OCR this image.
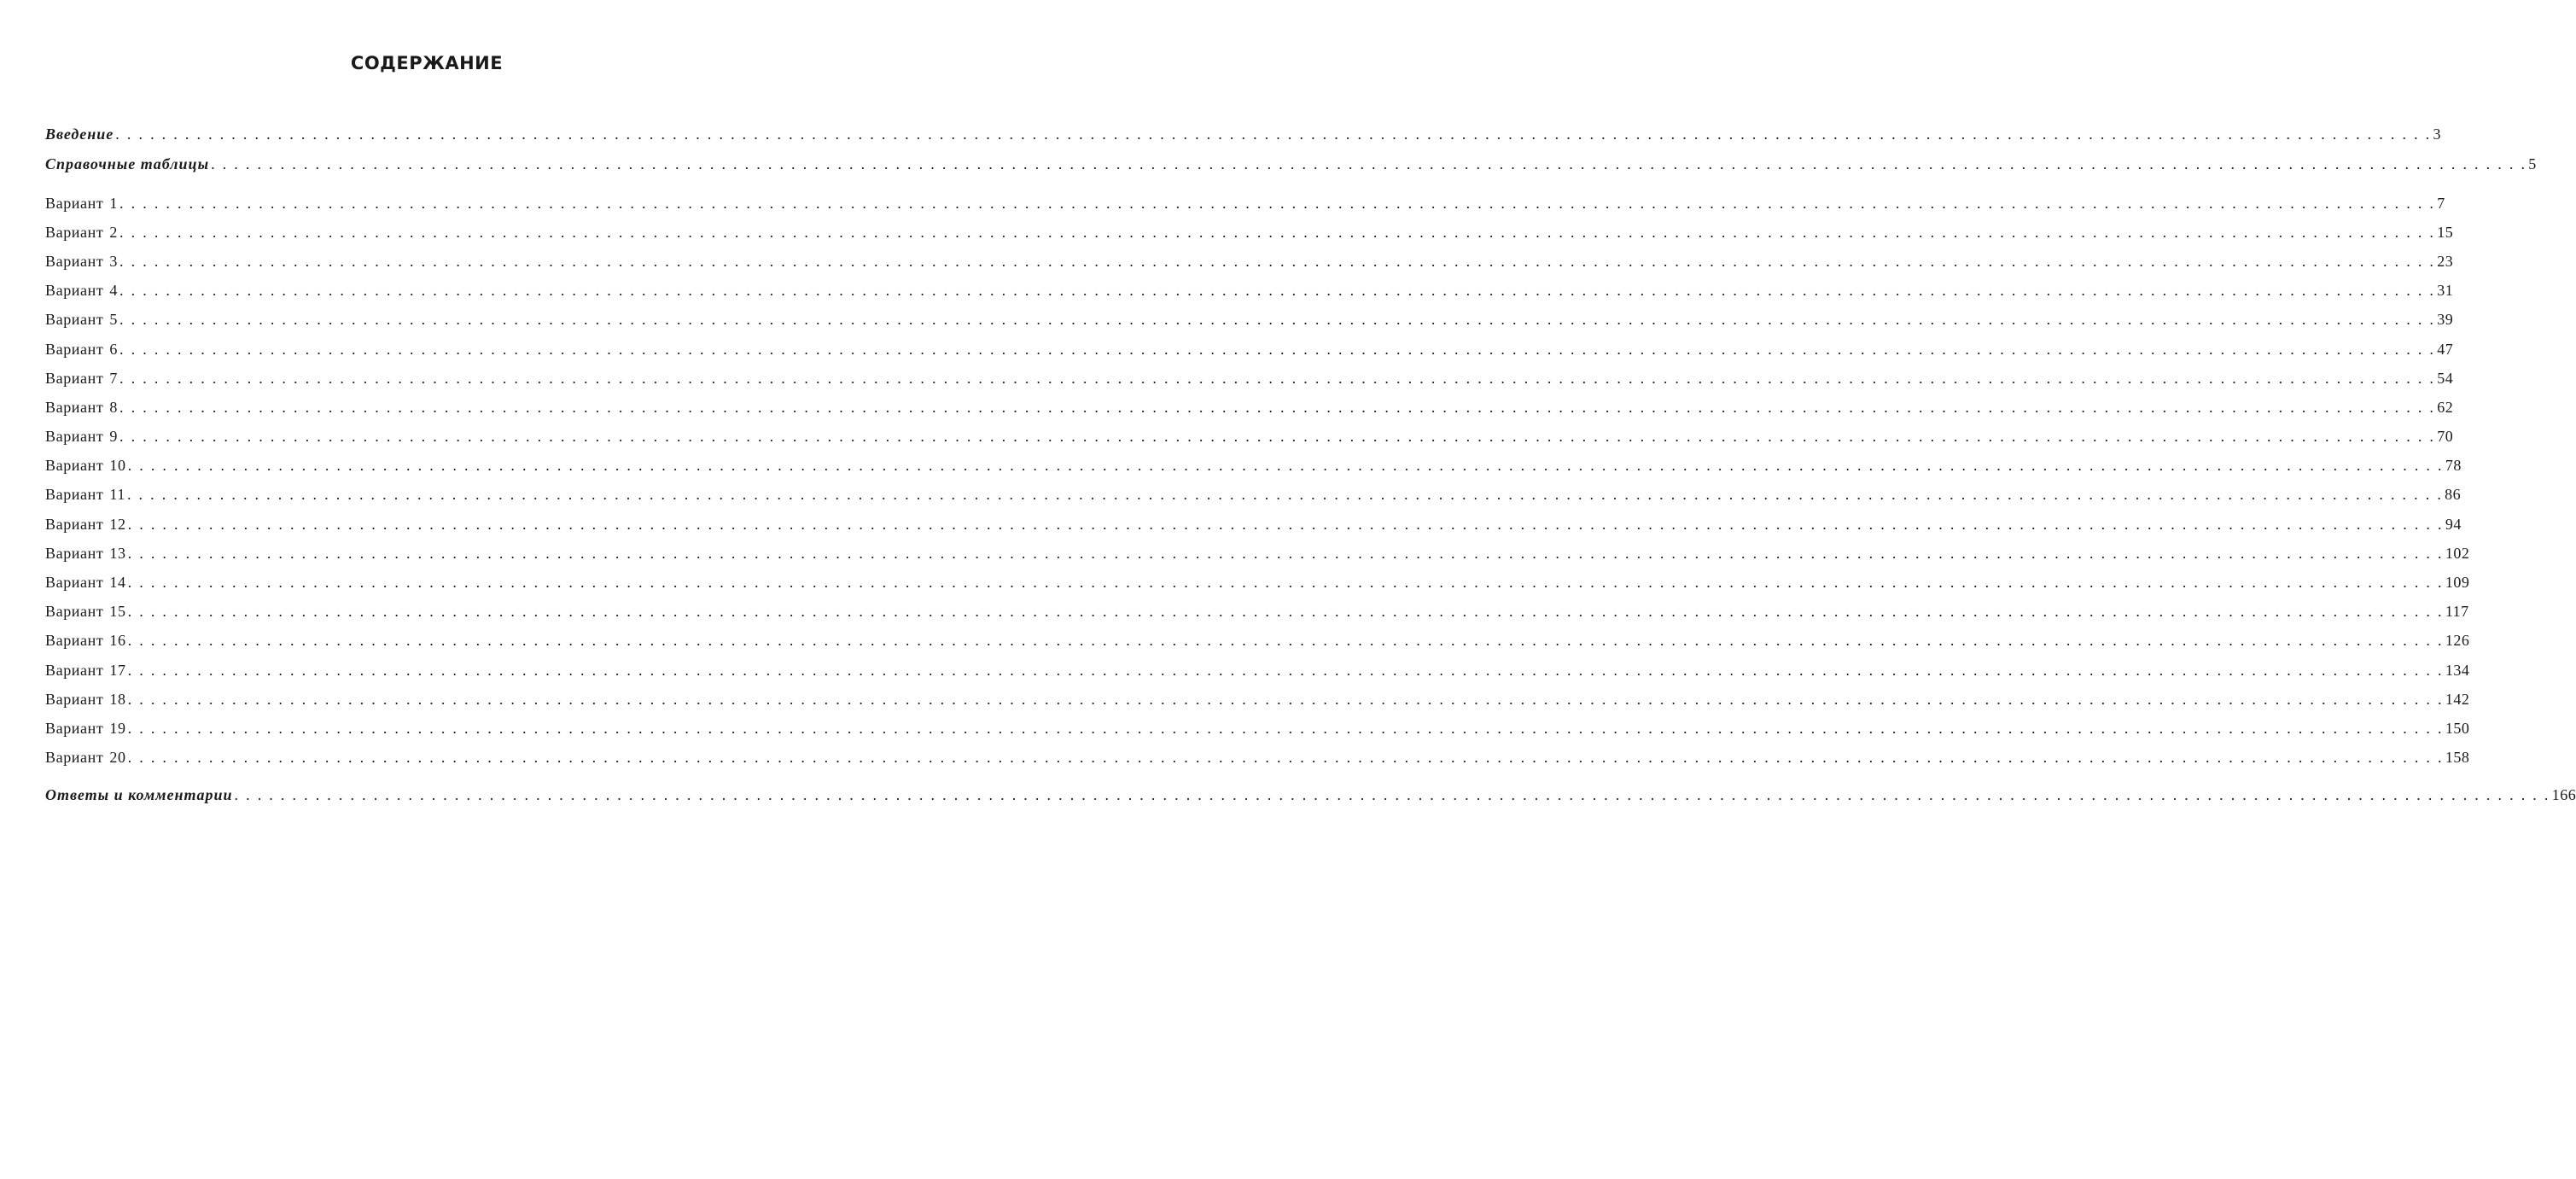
СОДЕРЖАНИЕ
Введение . . . . . . . . . . . . . . . . . . . . . . . . . . . . . . . . . . . . . . . . . . . . . . . . . . . . . . . . . . . . . . . . . . . . . . . . . . . . . . . . . . . . . . . . . . . . . . . . . . . . . . . . . . . . . . . . . . . . . . . . . . . . . . . . . . . . . . . . . . . . . . . . . . . . . . . . . . . . . . . . . . . . . . . . . . . . . . . . . . . . . . . . . . . . . . . . . . . . . . . . 3
Справочные таблицы . . . . . . . . . . . . . . . . . . . . . . . . . . . . . . . . . . . . . . . . . . . . . . . . . . . . . . . . . . . . . . . . . . . . . . . . . . . . . . . . . . . . . . . . . . . . . . . . . . . . . . . . . . . . . . . . . . . . . . . . . . . . . . . . . . . . . . . . . . . . . . . . . . . . . . . . . . . . . . . . . . . . . . . . . . . . . . . . . . . . . . . . . . . . . . . . . . . . . . . . 5
Вариант 1 . . . . . . . . . . . . . . . . . . . . . . . . . . . . . . . . . . . . . . . . . . . . . . . . . . . . . . . . . . . . . . . . . . . . . . . . . . . . . . . . . . . . . . . . . . . . . . . . . . . . . . . . . . . . . . . . . . . . . . . . . . . . . . . . . . . . . . . . . . . . . . . . . . . . . . . . . . . . . . . . . . . . . . . . . . . . . . . . . . . . . . . . . . . . . . . . . . . . . . . . 7
Вариант 2 . . . . . . . . . . . . . . . . . . . . . . . . . . . . . . . . . . . . . . . . . . . . . . . . . . . . . . . . . . . . . . . . . . . . . . . . . . . . . . . . . . . . . . . . . . . . . . . . . . . . . . . . . . . . . . . . . . . . . . . . . . . . . . . . . . . . . . . . . . . . . . . . . . . . . . . . . . . . . . . . . . . . . . . . . . . . . . . . . . . . . . . . . . . . . . . . . . . . . . . . 15
Вариант 3 . . . . . . . . . . . . . . . . . . . . . . . . . . . . . . . . . . . . . . . . . . . . . . . . . . . . . . . . . . . . . . . . . . . . . . . . . . . . . . . . . . . . . . . . . . . . . . . . . . . . . . . . . . . . . . . . . . . . . . . . . . . . . . . . . . . . . . . . . . . . . . . . . . . . . . . . . . . . . . . . . . . . . . . . . . . . . . . . . . . . . . . . . . . . . . . . . . . . . . . . 23
Вариант 4 . . . . . . . . . . . . . . . . . . . . . . . . . . . . . . . . . . . . . . . . . . . . . . . . . . . . . . . . . . . . . . . . . . . . . . . . . . . . . . . . . . . . . . . . . . . . . . . . . . . . . . . . . . . . . . . . . . . . . . . . . . . . . . . . . . . . . . . . . . . . . . . . . . . . . . . . . . . . . . . . . . . . . . . . . . . . . . . . . . . . . . . . . . . . . . . . . . . . . . . . 31
Вариант 5 . . . . . . . . . . . . . . . . . . . . . . . . . . . . . . . . . . . . . . . . . . . . . . . . . . . . . . . . . . . . . . . . . . . . . . . . . . . . . . . . . . . . . . . . . . . . . . . . . . . . . . . . . . . . . . . . . . . . . . . . . . . . . . . . . . . . . . . . . . . . . . . . . . . . . . . . . . . . . . . . . . . . . . . . . . . . . . . . . . . . . . . . . . . . . . . . . . . . . . . . 39
Вариант 6 . . . . . . . . . . . . . . . . . . . . . . . . . . . . . . . . . . . . . . . . . . . . . . . . . . . . . . . . . . . . . . . . . . . . . . . . . . . . . . . . . . . . . . . . . . . . . . . . . . . . . . . . . . . . . . . . . . . . . . . . . . . . . . . . . . . . . . . . . . . . . . . . . . . . . . . . . . . . . . . . . . . . . . . . . . . . . . . . . . . . . . . . . . . . . . . . . . . . . . . . 47
Вариант 7 . . . . . . . . . . . . . . . . . . . . . . . . . . . . . . . . . . . . . . . . . . . . . . . . . . . . . . . . . . . . . . . . . . . . . . . . . . . . . . . . . . . . . . . . . . . . . . . . . . . . . . . . . . . . . . . . . . . . . . . . . . . . . . . . . . . . . . . . . . . . . . . . . . . . . . . . . . . . . . . . . . . . . . . . . . . . . . . . . . . . . . . . . . . . . . . . . . . . . . . . 54
Вариант 8 . . . . . . . . . . . . . . . . . . . . . . . . . . . . . . . . . . . . . . . . . . . . . . . . . . . . . . . . . . . . . . . . . . . . . . . . . . . . . . . . . . . . . . . . . . . . . . . . . . . . . . . . . . . . . . . . . . . . . . . . . . . . . . . . . . . . . . . . . . . . . . . . . . . . . . . . . . . . . . . . . . . . . . . . . . . . . . . . . . . . . . . . . . . . . . . . . . . . . . . . 62
Вариант 9 . . . . . . . . . . . . . . . . . . . . . . . . . . . . . . . . . . . . . . . . . . . . . . . . . . . . . . . . . . . . . . . . . . . . . . . . . . . . . . . . . . . . . . . . . . . . . . . . . . . . . . . . . . . . . . . . . . . . . . . . . . . . . . . . . . . . . . . . . . . . . . . . . . . . . . . . . . . . . . . . . . . . . . . . . . . . . . . . . . . . . . . . . . . . . . . . . . . . . . . . 70
Вариант 10 . . . . . . . . . . . . . . . . . . . . . . . . . . . . . . . . . . . . . . . . . . . . . . . . . . . . . . . . . . . . . . . . . . . . . . . . . . . . . . . . . . . . . . . . . . . . . . . . . . . . . . . . . . . . . . . . . . . . . . . . . . . . . . . . . . . . . . . . . . . . . . . . . . . . . . . . . . . . . . . . . . . . . . . . . . . . . . . . . . . . . . . . . . . . . . . . . . . . . . . . 78
Вариант 11 . . . . . . . . . . . . . . . . . . . . . . . . . . . . . . . . . . . . . . . . . . . . . . . . . . . . . . . . . . . . . . . . . . . . . . . . . . . . . . . . . . . . . . . . . . . . . . . . . . . . . . . . . . . . . . . . . . . . . . . . . . . . . . . . . . . . . . . . . . . . . . . . . . . . . . . . . . . . . . . . . . . . . . . . . . . . . . . . . . . . . . . . . . . . . . . . . . . . . . . . 86
Вариант 12 . . . . . . . . . . . . . . . . . . . . . . . . . . . . . . . . . . . . . . . . . . . . . . . . . . . . . . . . . . . . . . . . . . . . . . . . . . . . . . . . . . . . . . . . . . . . . . . . . . . . . . . . . . . . . . . . . . . . . . . . . . . . . . . . . . . . . . . . . . . . . . . . . . . . . . . . . . . . . . . . . . . . . . . . . . . . . . . . . . . . . . . . . . . . . . . . . . . . . . . . 94
Вариант 13 . . . . . . . . . . . . . . . . . . . . . . . . . . . . . . . . . . . . . . . . . . . . . . . . . . . . . . . . . . . . . . . . . . . . . . . . . . . . . . . . . . . . . . . . . . . . . . . . . . . . . . . . . . . . . . . . . . . . . . . . . . . . . . . . . . . . . . . . . . . . . . . . . . . . . . . . . . . . . . . . . . . . . . . . . . . . . . . . . . . . . . . . . . . . . . . . . . . . . . . . 102
Вариант 14 . . . . . . . . . . . . . . . . . . . . . . . . . . . . . . . . . . . . . . . . . . . . . . . . . . . . . . . . . . . . . . . . . . . . . . . . . . . . . . . . . . . . . . . . . . . . . . . . . . . . . . . . . . . . . . . . . . . . . . . . . . . . . . . . . . . . . . . . . . . . . . . . . . . . . . . . . . . . . . . . . . . . . . . . . . . . . . . . . . . . . . . . . . . . . . . . . . . . . . . . 109
Вариант 15 . . . . . . . . . . . . . . . . . . . . . . . . . . . . . . . . . . . . . . . . . . . . . . . . . . . . . . . . . . . . . . . . . . . . . . . . . . . . . . . . . . . . . . . . . . . . . . . . . . . . . . . . . . . . . . . . . . . . . . . . . . . . . . . . . . . . . . . . . . . . . . . . . . . . . . . . . . . . . . . . . . . . . . . . . . . . . . . . . . . . . . . . . . . . . . . . . . . . . . . . 117
Вариант 16 . . . . . . . . . . . . . . . . . . . . . . . . . . . . . . . . . . . . . . . . . . . . . . . . . . . . . . . . . . . . . . . . . . . . . . . . . . . . . . . . . . . . . . . . . . . . . . . . . . . . . . . . . . . . . . . . . . . . . . . . . . . . . . . . . . . . . . . . . . . . . . . . . . . . . . . . . . . . . . . . . . . . . . . . . . . . . . . . . . . . . . . . . . . . . . . . . . . . . . . . 126
Вариант 17 . . . . . . . . . . . . . . . . . . . . . . . . . . . . . . . . . . . . . . . . . . . . . . . . . . . . . . . . . . . . . . . . . . . . . . . . . . . . . . . . . . . . . . . . . . . . . . . . . . . . . . . . . . . . . . . . . . . . . . . . . . . . . . . . . . . . . . . . . . . . . . . . . . . . . . . . . . . . . . . . . . . . . . . . . . . . . . . . . . . . . . . . . . . . . . . . . . . . . . . . 134
Вариант 18 . . . . . . . . . . . . . . . . . . . . . . . . . . . . . . . . . . . . . . . . . . . . . . . . . . . . . . . . . . . . . . . . . . . . . . . . . . . . . . . . . . . . . . . . . . . . . . . . . . . . . . . . . . . . . . . . . . . . . . . . . . . . . . . . . . . . . . . . . . . . . . . . . . . . . . . . . . . . . . . . . . . . . . . . . . . . . . . . . . . . . . . . . . . . . . . . . . . . . . . . 142
Вариант 19 . . . . . . . . . . . . . . . . . . . . . . . . . . . . . . . . . . . . . . . . . . . . . . . . . . . . . . . . . . . . . . . . . . . . . . . . . . . . . . . . . . . . . . . . . . . . . . . . . . . . . . . . . . . . . . . . . . . . . . . . . . . . . . . . . . . . . . . . . . . . . . . . . . . . . . . . . . . . . . . . . . . . . . . . . . . . . . . . . . . . . . . . . . . . . . . . . . . . . . . . 150
Вариант 20 . . . . . . . . . . . . . . . . . . . . . . . . . . . . . . . . . . . . . . . . . . . . . . . . . . . . . . . . . . . . . . . . . . . . . . . . . . . . . . . . . . . . . . . . . . . . . . . . . . . . . . . . . . . . . . . . . . . . . . . . . . . . . . . . . . . . . . . . . . . . . . . . . . . . . . . . . . . . . . . . . . . . . . . . . . . . . . . . . . . . . . . . . . . . . . . . . . . . . . . . 158
Ответы и комментарии . . . . . . . . . . . . . . . . . . . . . . . . . . . . . . . . . . . . . . . . . . . . . . . . . . . . . . . . . . . . . . . . . . . . . . . . . . . . . . . . . . . . . . . . . . . . . . . . . . . . . . . . . . . . . . . . . . . . . . . . . . . . . . . . . . . . . . . . . . . . . . . . . . . . . . . . . . . . . . . . . . . . . . . . . . . . . . . . . . . . . . . . . . . . . . . . . . . . . . . . 166
